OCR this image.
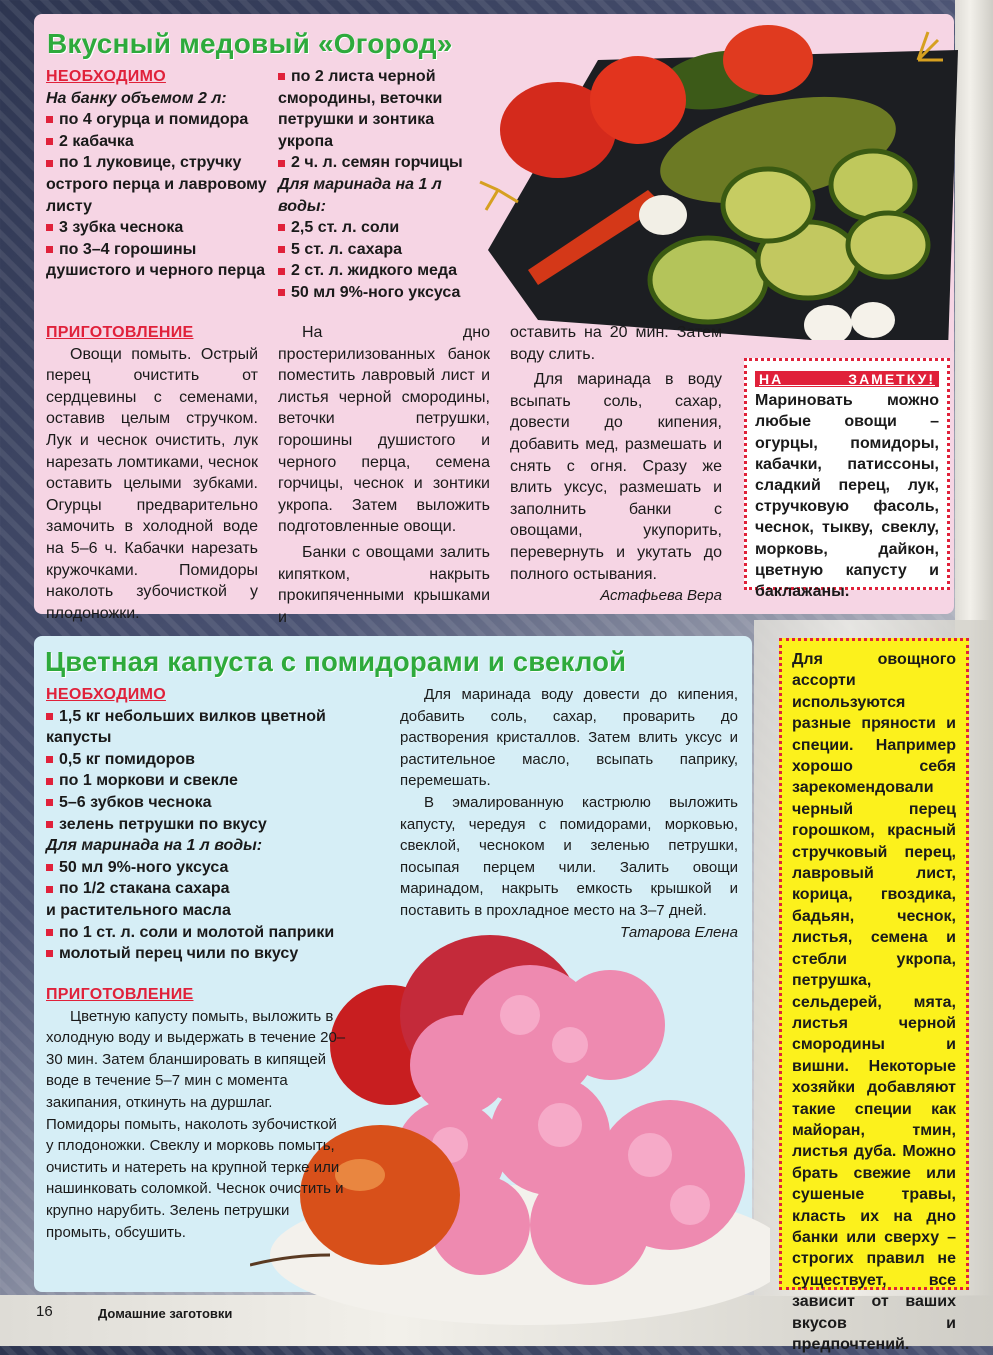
Вкусный медовый «Огород»
НЕОБХОДИМО
На банку объемом 2 л:
по 4 огурца и помидора
2 кабачка
по 1 луковице, стручку острого перца и лавровому листу
3 зубка чеснока
по 3–4 горошины душистого и черного перца
по 2 листа черной смородины, веточки петрушки и зонтика укропа
2 ч. л. семян горчицы
Для маринада на 1 л воды:
2,5 ст. л. соли
5 ст. л. сахара
2 ст. л. жидкого меда
50 мл 9%-ного уксуса
ПРИГОТОВЛЕНИЕ

Овощи помыть. Острый перец очистить от сердцевины с семенами, оставив целым стручком. Лук и чеснок очистить, лук нарезать ломтиками, чеснок оставить целыми зубками. Огурцы предварительно замочить в холодной воде на 5–6 ч. Кабачки нарезать кружочками. Помидоры наколоть зубочисткой у плодоножки.

На дно простерилизованных банок поместить лавровый лист и листья черной смородины, веточки петрушки, горошины душистого и черного перца, семена горчицы, чеснок и зонтики укропа. Затем выложить подготовленные овощи.

Банки с овощами залить кипятком, накрыть прокипяченными крышками и

оставить на 20 мин. Затем воду слить.

Для маринада в воду всыпать соль, сахар, довести до кипения, добавить мед, размешать и снять с огня. Сразу же влить уксус, размешать и заполнить банки с овощами, укупорить, перевернуть и укутать до полного остывания.

Астафьева Вера
НА ЗАМЕТКУ! Мариновать можно любые овощи – огурцы, помидоры, кабачки, патиссоны, сладкий перец, лук, стручковую фасоль, чеснок, тыкву, свеклу, морковь, дайкон, цветную капусту и баклажаны.
Цветная капуста с помидорами и свеклой
НЕОБХОДИМО
1,5 кг небольших вилков цветной капусты
0,5 кг помидоров
по 1 моркови и свекле
5–6 зубков чеснока
зелень петрушки по вкусу
Для маринада на 1 л воды:
50 мл 9%-ного уксуса
по 1/2 стакана сахара
и растительного масла
по 1 ст. л. соли и молотой паприки
молотый перец чили по вкусу

Для маринада воду довести до кипения, добавить соль, сахар, проварить до растворения кристаллов. Затем влить уксус и растительное масло, всыпать паприку, перемешать.

В эмалированную кастрюлю выложить капусту, чередуя с помидорами, морковью, свеклой, чесноком и зеленью петрушки, посыпая перцем чили. Залить овощи маринадом, накрыть емкость крышкой и поставить в прохладное место на 3–7 дней.

Татарова Елена
ПРИГОТОВЛЕНИЕ

Цветную капусту помыть, выложить в холодную воду и выдержать в течение 20–30 мин. Затем бланшировать в кипящей воде в течение 5–7 мин с момента закипания, откинуть на дуршлаг. Помидоры помыть, наколоть зубочисткой у плодоножки. Свеклу и морковь помыть, очистить и натереть на крупной терке или нашинковать соломкой. Чеснок очистить и крупно нарубить. Зелень петрушки промыть, обсушить.

Для овощного ассорти используются разные пряности и специи. Например хорошо себя зарекомендовали черный перец горошком, красный стручковый перец, лавровый лист, корица, гвоздика, бадьян, чеснок, листья, семена и стебли укропа, петрушка, сельдерей, мята, листья черной смородины и вишни. Некоторые хозяйки добавляют такие специи как майоран, тмин, листья дуба. Можно брать свежие или сушеные травы, класть их на дно банки или сверху – строгих правил не существует, все зависит от ваших вкусов и предпочтений.
16	Домашние заготовки
